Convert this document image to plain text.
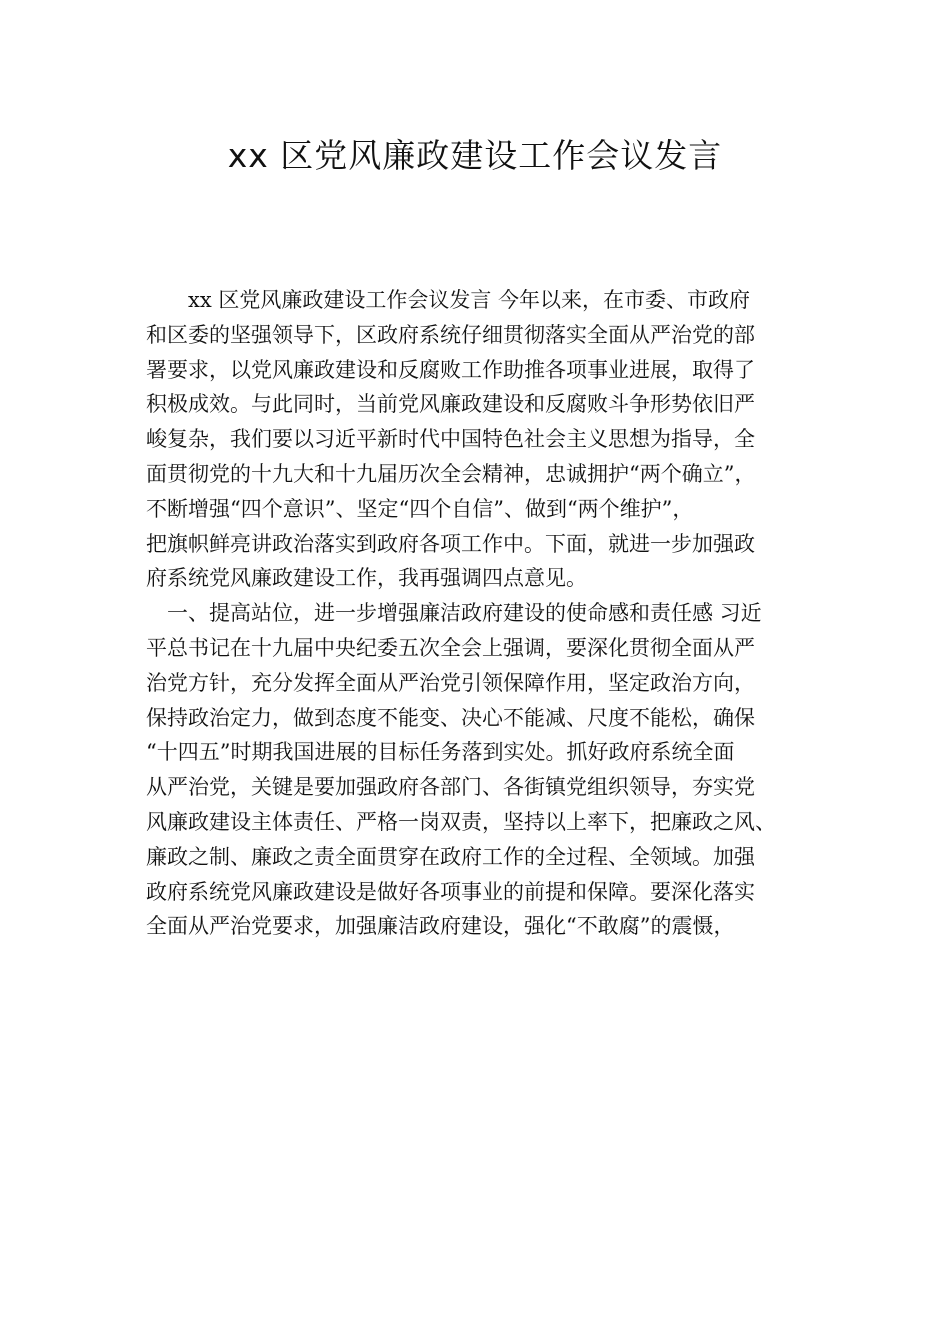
xx 区党风廉政建设工作会议发言
xx 区党风廉政建设工作会议发言 今年以来，在市委、市政府
和区委的坚强领导下，区政府系统仔细贯彻落实全面从严治党的部
署要求，以党风廉政建设和反腐败工作助推各项事业进展，取得了
积极成效。与此同时，当前党风廉政建设和反腐败斗争形势依旧严
峻复杂，我们要以习近平新时代中国特色社会主义思想为指导，全
面贯彻党的十九大和十九届历次全会精神，忠诚拥护“两个确立”，
不断增强“四个意识”、坚定“四个自信”、做到“两个维护”，
把旗帜鲜亮讲政治落实到政府各项工作中。下面，就进一步加强政
府系统党风廉政建设工作，我再强调四点意见。
一、提高站位，进一步增强廉洁政府建设的使命感和责任感 习近
平总书记在十九届中央纪委五次全会上强调，要深化贯彻全面从严
治党方针，充分发挥全面从严治党引领保障作用，坚定政治方向，
保持政治定力，做到态度不能变、决心不能减、尺度不能松，确保
“十四五”时期我国进展的目标任务落到实处。抓好政府系统全面
从严治党，关键是要加强政府各部门、各街镇党组织领导，夯实党
风廉政建设主体责任、严格一岗双责，坚持以上率下，把廉政之风、
廉政之制、廉政之责全面贯穿在政府工作的全过程、全领域。加强
政府系统党风廉政建设是做好各项事业的前提和保障。要深化落实
全面从严治党要求，加强廉洁政府建设，强化“不敢腐”的震慑，
